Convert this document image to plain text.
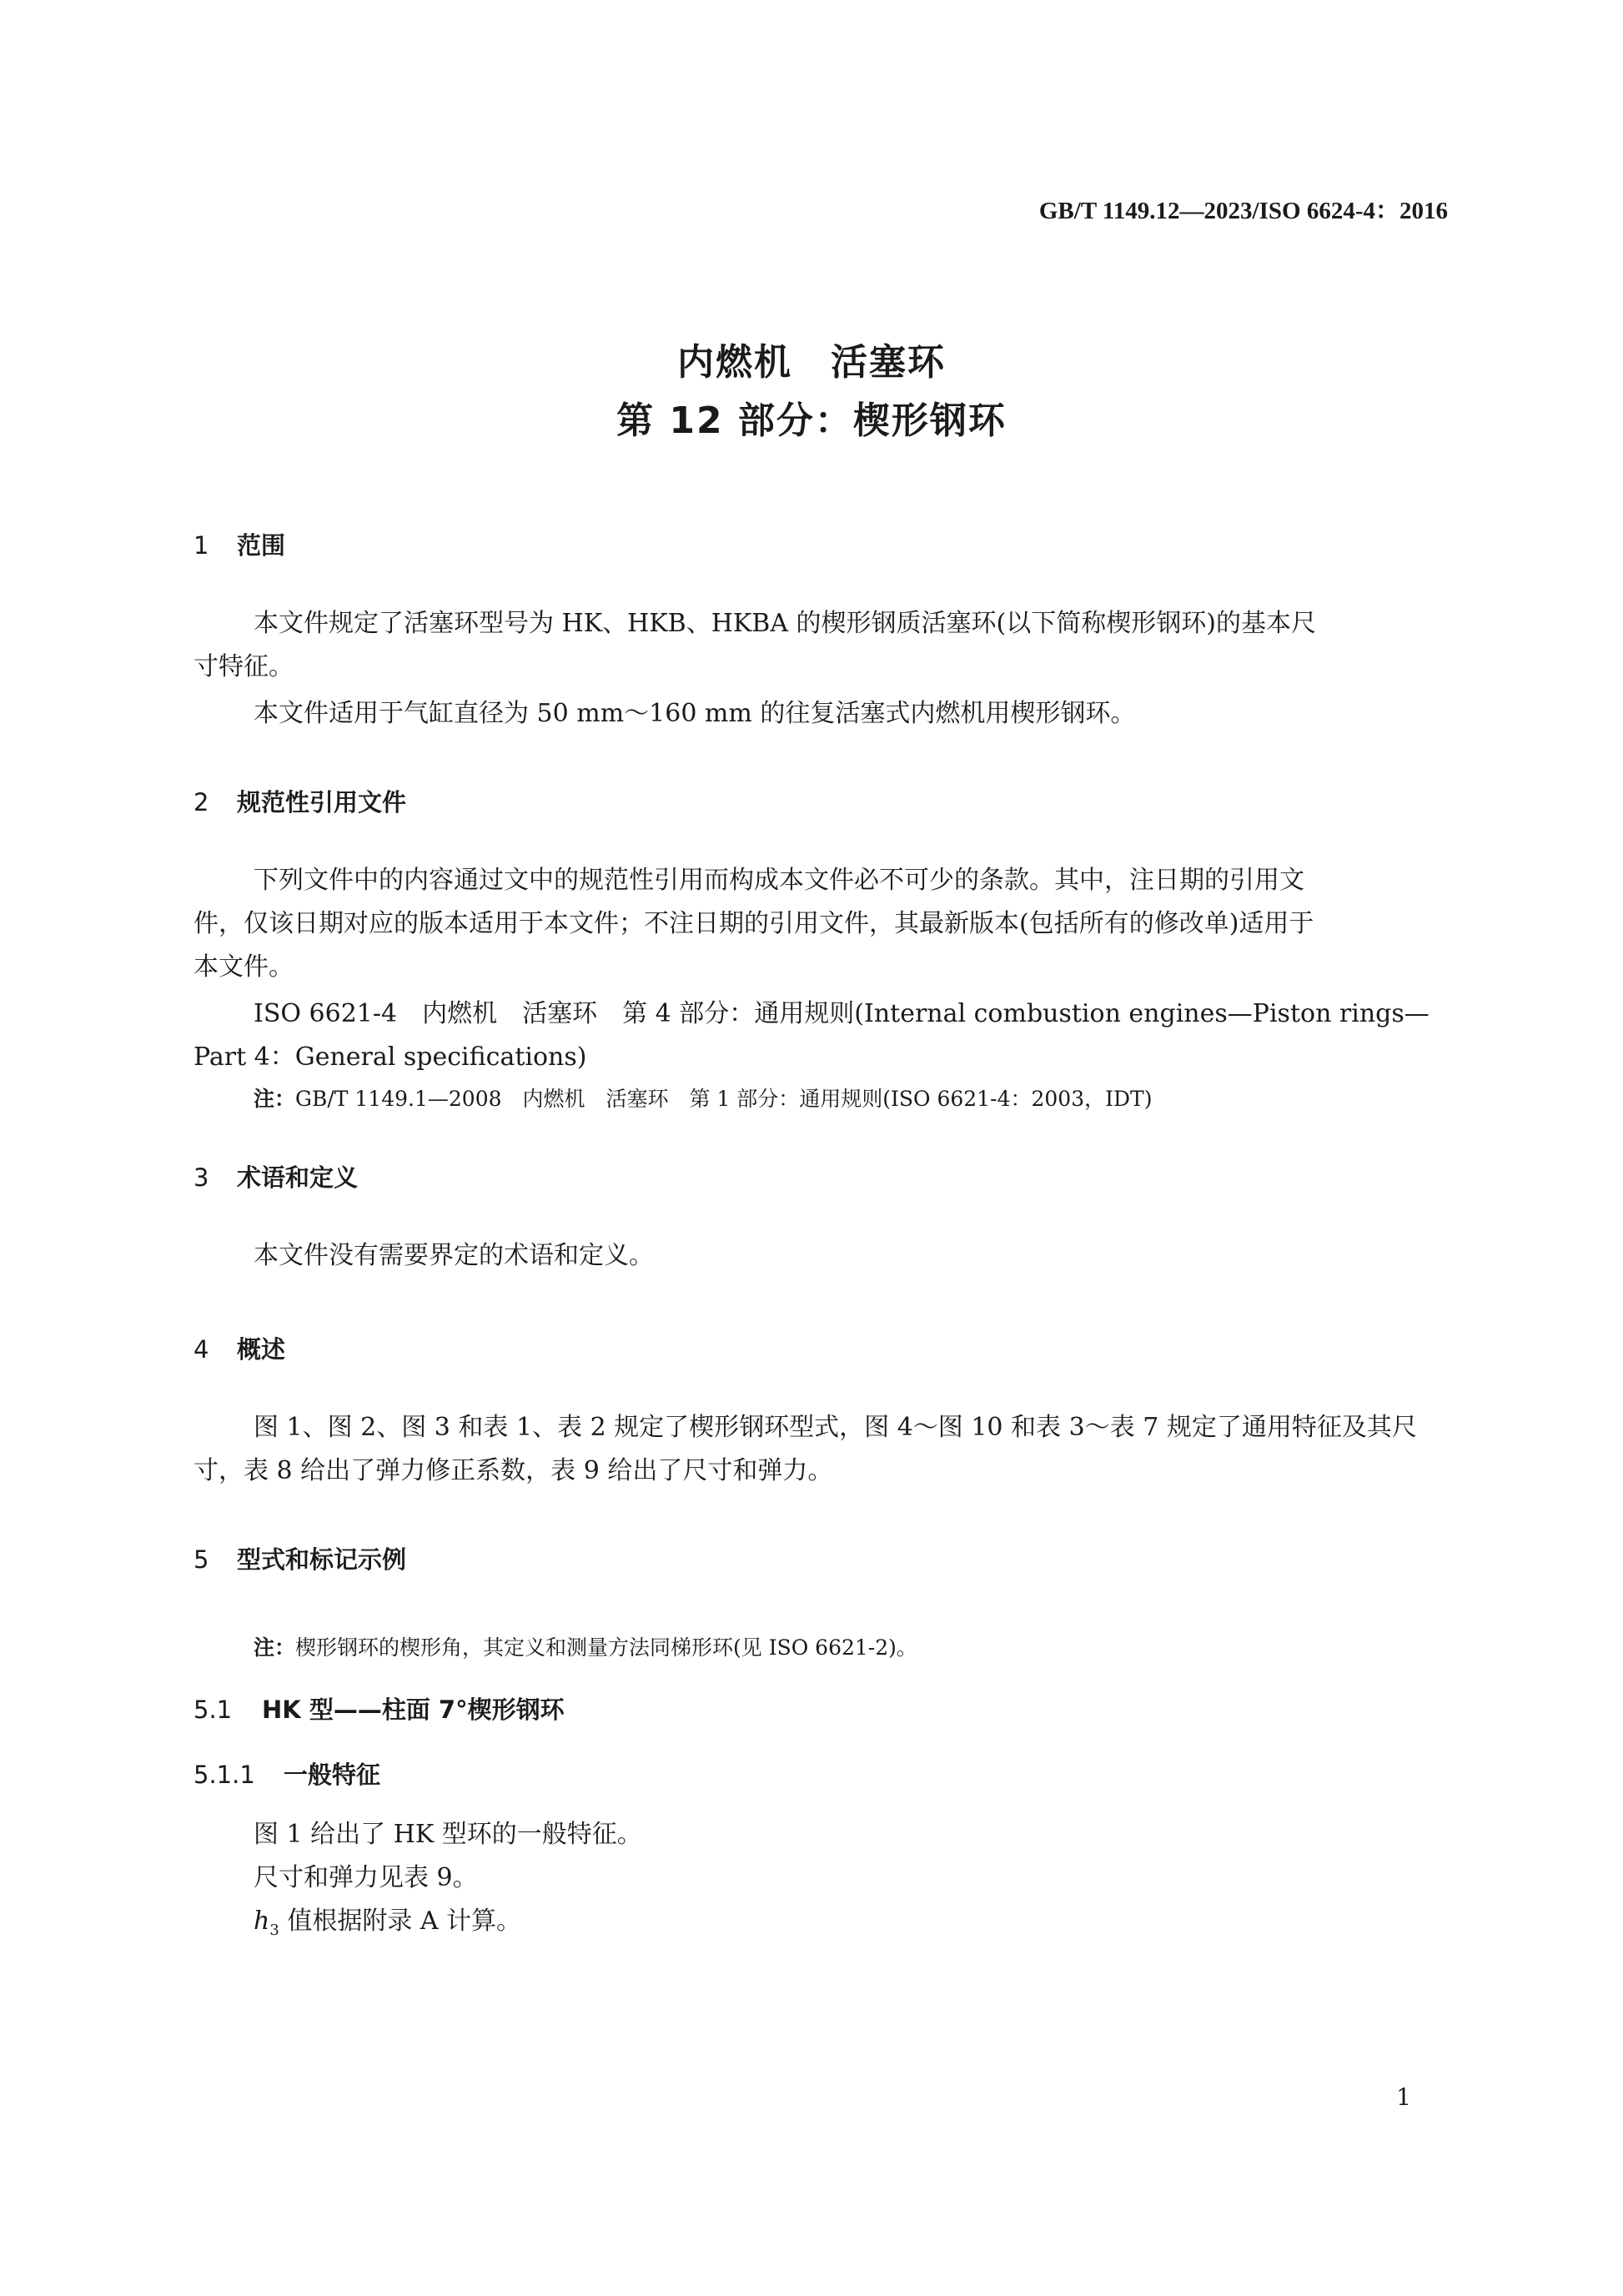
GB/T 1149.12—2023/ISO 6624-4：2016
内燃机　活塞环
第 12 部分：楔形钢环
1 范围
本文件规定了活塞环型号为 HK、HKB、HKBA 的楔形钢质活塞环(以下简称楔形钢环)的基本尺
寸特征。
本文件适用于气缸直径为 50 mm～160 mm 的往复活塞式内燃机用楔形钢环。
2 规范性引用文件
下列文件中的内容通过文中的规范性引用而构成本文件必不可少的条款。其中，注日期的引用文
件，仅该日期对应的版本适用于本文件；不注日期的引用文件，其最新版本(包括所有的修改单)适用于
本文件。
ISO 6621-4　内燃机　活塞环　第 4 部分：通用规则(Internal combustion engines—Piston rings—
Part 4：General specifications)
注：GB/T 1149.1—2008　内燃机　活塞环　第 1 部分：通用规则(ISO 6621-4：2003，IDT)
3 术语和定义
本文件没有需要界定的术语和定义。
4 概述
图 1、图 2、图 3 和表 1、表 2 规定了楔形钢环型式，图 4～图 10 和表 3～表 7 规定了通用特征及其尺
寸，表 8 给出了弹力修正系数，表 9 给出了尺寸和弹力。
5 型式和标记示例
注：楔形钢环的楔形角，其定义和测量方法同梯形环(见 ISO 6621-2)。
5.1 HK 型——柱面 7°楔形钢环
5.1.1 一般特征
图 1 给出了 HK 型环的一般特征。
尺寸和弹力见表 9。
$h_3$ 值根据附录 A 计算。
1
